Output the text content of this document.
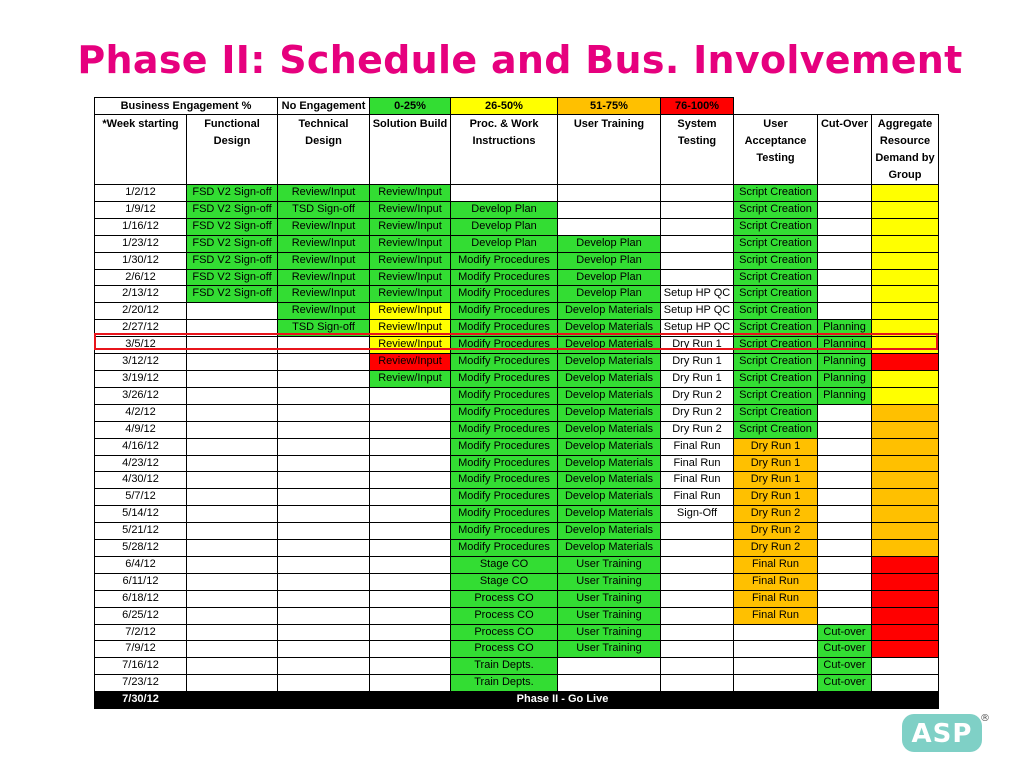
Phase II: Schedule and Bus. Involvement
Business Engagement %		No Engagement	0-25%	26-50%	51-75%	76-100%			
*Week starting	Functional Design	Technical Design	Solution Build	Proc. & Work Instructions	User Training	System Testing	User Acceptance Testing	Cut-Over	Aggregate Resource Demand by Group
1/2/12	FSD V2 Sign-off	Review/Input	Review/Input				Script Creation		
1/9/12	FSD V2 Sign-off	TSD Sign-off	Review/Input	Develop Plan			Script Creation		
1/16/12	FSD V2 Sign-off	Review/Input	Review/Input	Develop Plan			Script Creation		
1/23/12	FSD V2 Sign-off	Review/Input	Review/Input	Develop Plan	Develop Plan		Script Creation		
1/30/12	FSD V2 Sign-off	Review/Input	Review/Input	Modify Procedures	Develop Plan		Script Creation		
2/6/12	FSD V2 Sign-off	Review/Input	Review/Input	Modify Procedures	Develop Plan		Script Creation		
2/13/12	FSD V2 Sign-off	Review/Input	Review/Input	Modify Procedures	Develop Plan	Setup HP QC	Script Creation		
2/20/12		Review/Input	Review/Input	Modify Procedures	Develop Materials	Setup HP QC	Script Creation		
2/27/12		TSD Sign-off	Review/Input	Modify Procedures	Develop Materials	Setup HP QC	Script Creation	Planning	
3/5/12			Review/Input	Modify Procedures	Develop Materials	Dry Run 1	Script Creation	Planning	
3/12/12			Review/Input	Modify Procedures	Develop Materials	Dry Run 1	Script Creation	Planning	
3/19/12			Review/Input	Modify Procedures	Develop Materials	Dry Run 1	Script Creation	Planning	
3/26/12				Modify Procedures	Develop Materials	Dry Run 2	Script Creation	Planning	
4/2/12				Modify Procedures	Develop Materials	Dry Run 2	Script Creation		
4/9/12				Modify Procedures	Develop Materials	Dry Run 2	Script Creation		
4/16/12				Modify Procedures	Develop Materials	Final Run	Dry Run 1		
4/23/12				Modify Procedures	Develop Materials	Final Run	Dry Run 1		
4/30/12				Modify Procedures	Develop Materials	Final Run	Dry Run 1		
5/7/12				Modify Procedures	Develop Materials	Final Run	Dry Run 1		
5/14/12				Modify Procedures	Develop Materials	Sign-Off	Dry Run 2		
5/21/12				Modify Procedures	Develop Materials		Dry Run 2		
5/28/12				Modify Procedures	Develop Materials		Dry Run 2		
6/4/12				Stage CO	User Training		Final Run		
6/11/12				Stage CO	User Training		Final Run		
6/18/12				Process CO	User Training		Final Run		
6/25/12				Process CO	User Training		Final Run		
7/2/12				Process CO	User Training			Cut-over	
7/9/12				Process CO	User Training			Cut-over	
7/16/12				Train Depts.				Cut-over	
7/23/12				Train Depts.				Cut-over	
7/30/12	Phase II - Go Live								
ASP
®
